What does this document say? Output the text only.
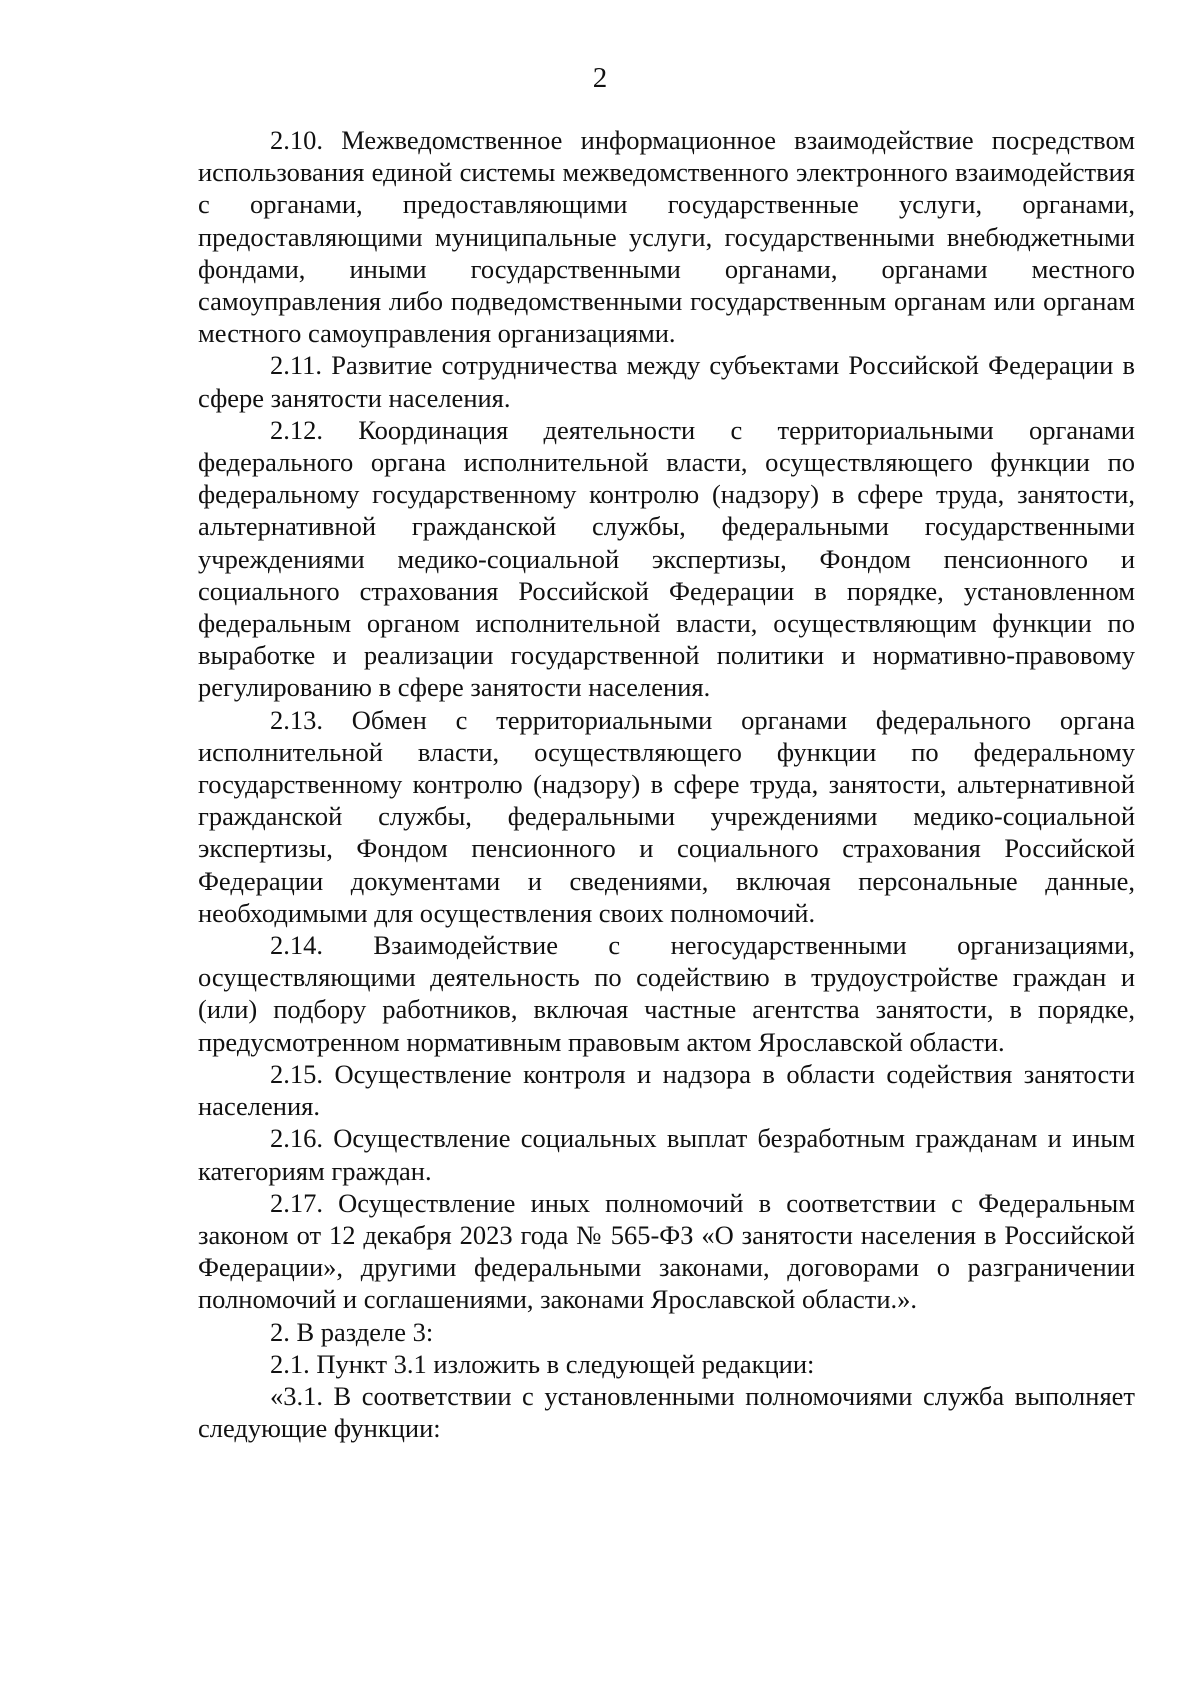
2

2.10. Межведомственное информационное взаимодействие посредством использования единой системы межведомственного электронного взаимодействия с органами, предоставляющими государственные услуги, органами, предоставляющими муниципальные услуги, государственными внебюджетными фондами, иными государственными органами, органами местного самоуправления либо подведомственными государственным органам или органам местного самоуправления организациями.

2.11. Развитие сотрудничества между субъектами Российской Федерации в сфере занятости населения.

2.12. Координация деятельности с территориальными органами федерального органа исполнительной власти, осуществляющего функции по федеральному государственному контролю (надзору) в сфере труда, занятости, альтернативной гражданской службы, федеральными государственными учреждениями медико-социальной экспертизы, Фондом пенсионного и социального страхования Российской Федерации в порядке, установленном федеральным органом исполнительной власти, осуществляющим функции по выработке и реализации государственной политики и нормативно-правовому регулированию в сфере занятости населения.

2.13. Обмен с территориальными органами федерального органа исполнительной власти, осуществляющего функции по федеральному государственному контролю (надзору) в сфере труда, занятости, альтернативной гражданской службы, федеральными учреждениями медико-социальной экспертизы, Фондом пенсионного и социального страхования Российской Федерации документами и сведениями, включая персональные данные, необходимыми для осуществления своих полномочий.

2.14. Взаимодействие с негосударственными организациями, осуществляющими деятельность по содействию в трудоустройстве граждан и (или) подбору работников, включая частные агентства занятости, в порядке, предусмотренном нормативным правовым актом Ярославской области.

2.15. Осуществление контроля и надзора в области содействия занятости населения.

2.16. Осуществление социальных выплат безработным гражданам и иным категориям граждан.

2.17. Осуществление иных полномочий в соответствии с Федеральным законом от 12 декабря 2023 года № 565-ФЗ «О занятости населения в Российской Федерации», другими федеральными законами, договорами о разграничении полномочий и соглашениями, законами Ярославской области.».

2. В разделе 3:

2.1. Пункт 3.1 изложить в следующей редакции:

«3.1. В соответствии с установленными полномочиями служба выполняет следующие функции:
